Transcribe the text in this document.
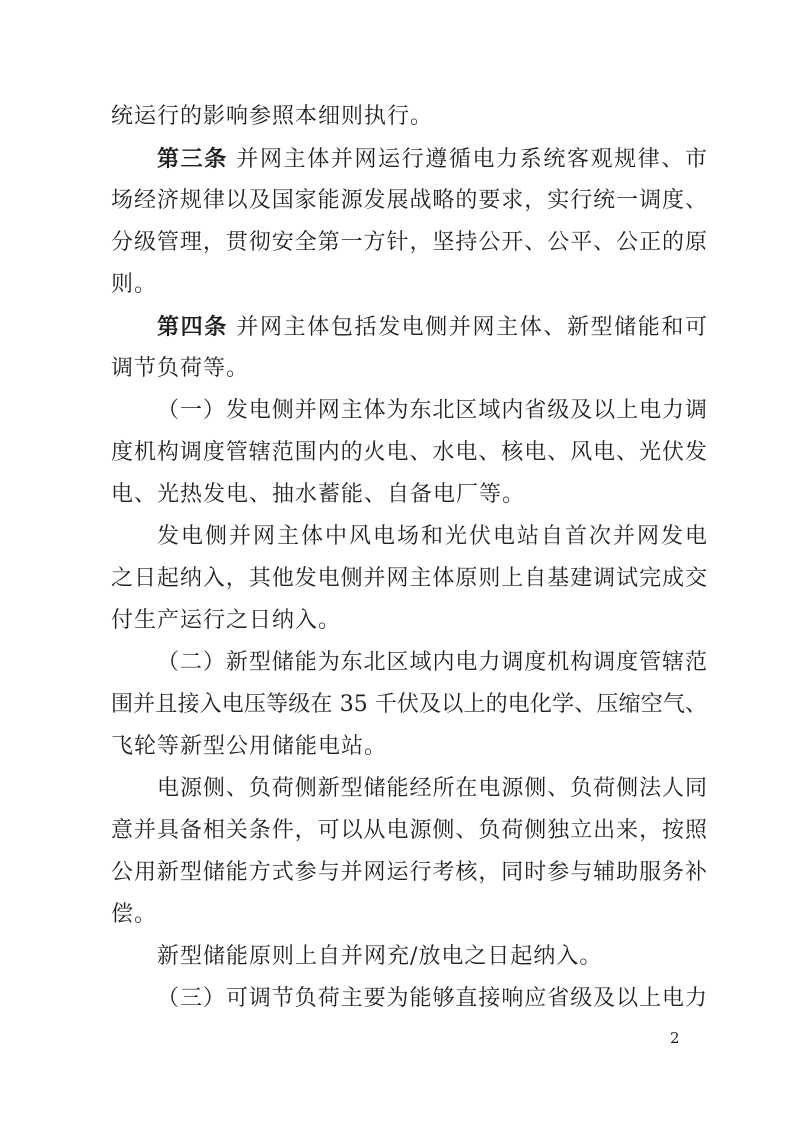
统运行的影响参照本细则执行。
第三条 并网主体并网运行遵循电力系统客观规律、市
场经济规律以及国家能源发展战略的要求，实行统一调度、
分级管理，贯彻安全第一方针，坚持公开、公平、公正的原
则。
第四条 并网主体包括发电侧并网主体、新型储能和可
调节负荷等。
（一）发电侧并网主体为东北区域内省级及以上电力调
度机构调度管辖范围内的火电、水电、核电、风电、光伏发
电、光热发电、抽水蓄能、自备电厂等。
发电侧并网主体中风电场和光伏电站自首次并网发电
之日起纳入，其他发电侧并网主体原则上自基建调试完成交
付生产运行之日纳入。
（二）新型储能为东北区域内电力调度机构调度管辖范
围并且接入电压等级在 35 千伏及以上的电化学、压缩空气、
飞轮等新型公用储能电站。
电源侧、负荷侧新型储能经所在电源侧、负荷侧法人同
意并具备相关条件，可以从电源侧、负荷侧独立出来，按照
公用新型储能方式参与并网运行考核，同时参与辅助服务补
偿。
新型储能原则上自并网充/放电之日起纳入。
（三）可调节负荷主要为能够直接响应省级及以上电力
2
